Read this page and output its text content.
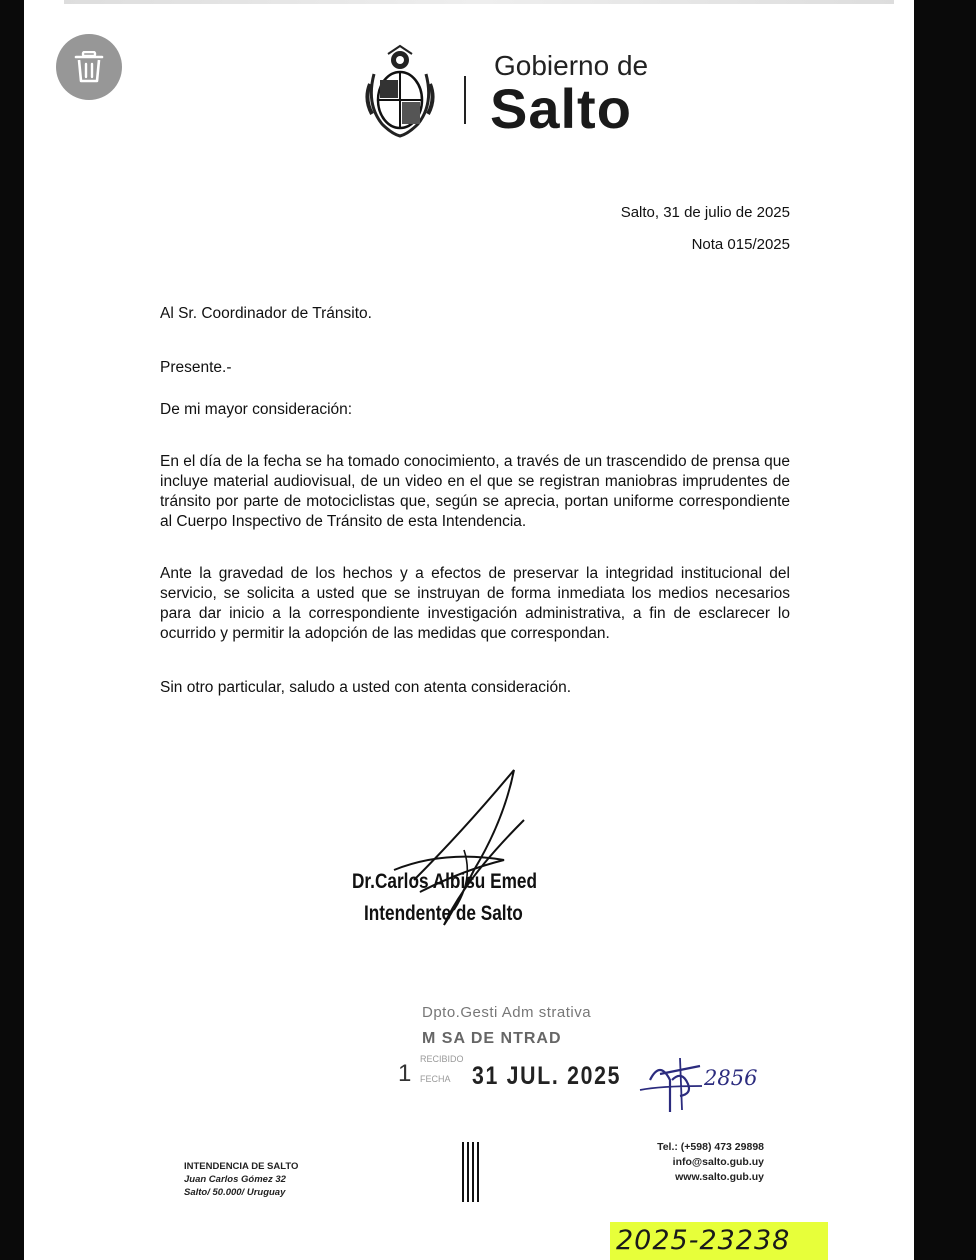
Gobierno de
Salto
Salto, 31 de julio de 2025
Nota 015/2025
Al Sr. Coordinador de Tránsito.
Presente.-
De mi mayor consideración:
En el día de la fecha se ha tomado conocimiento, a través de un trascendido de prensa que incluye material audiovisual, de un video en el que se registran maniobras imprudentes de tránsito por parte de motociclistas que, según se aprecia, portan uniforme correspondiente al Cuerpo Inspectivo de Tránsito de esta Intendencia.
Ante la gravedad de los hechos y a efectos de preservar la integridad institucional del servicio, se solicita a usted que se instruyan de forma inmediata los medios necesarios para dar inicio a la correspondiente investigación administrativa, a fin de esclarecer lo ocurrido y permitir la adopción de las medidas que correspondan.
Sin otro particular, saludo a usted con atenta consideración.
Dr.Carlos Albisu Emed
Intendente de Salto
Dpto.Gesti Adm strativa
M SA DE NTRAD
1
RECIBIDO
FECHA 31 JUL. 2025	2856
INTENDENCIA DE SALTO
Juan Carlos Gómez 32
Salto/ 50.000/ Uruguay
Tel.: (+598) 473 29898
info@salto.gub.uy
www.salto.gub.uy
2025-23238
